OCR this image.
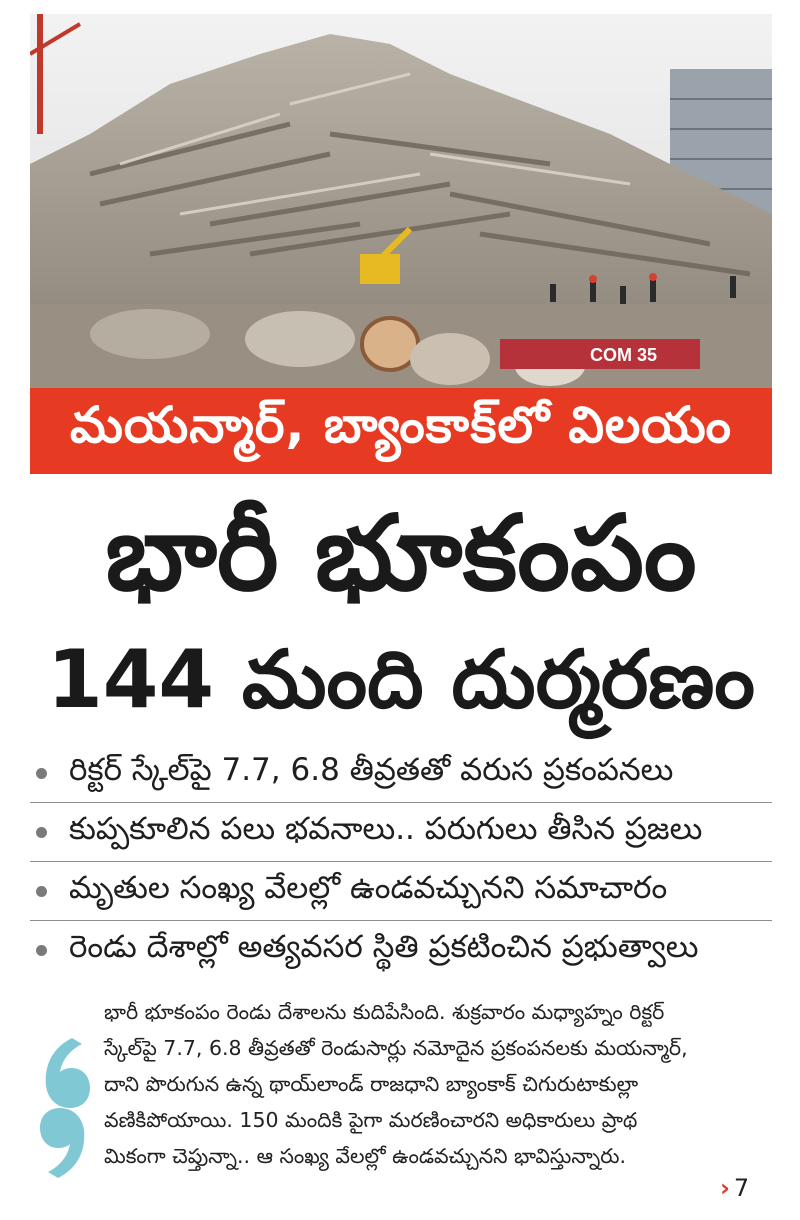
COM 35
మయన్మార్, బ్యాంకాక్‌లో విలయం
భారీ భూకంపం
144 మంది దుర్మరణం
రిక్టర్ స్కేల్‌పై 7.7, 6.8 తీవ్రతతో వరుస ప్రకంపనలు
కుప్పకూలిన పలు భవనాలు.. పరుగులు తీసిన ప్రజలు
మృతుల సంఖ్య వేలల్లో ఉండవచ్చునని సమాచారం
రెండు దేశాల్లో అత్యవసర స్థితి ప్రకటించిన ప్రభుత్వాలు
భారీ భూకంపం రెండు దేశాలను కుదిపేసింది. శుక్రవారం మధ్యాహ్నం రిక్టర్
స్కేల్‌పై 7.7, 6.8 తీవ్రతతో రెండుసార్లు నమోదైన ప్రకంపనలకు మయన్మార్,
దాని పొరుగున ఉన్న థాయ్‌లాండ్ రాజధాని బ్యాంకాక్ చిగురుటాకుల్లా
వణికిపోయాయి. 150 మందికి పైగా మరణించారని అధికారులు ప్రాథ
మికంగా చెప్తున్నా.. ఆ సంఖ్య వేలల్లో ఉండవచ్చునని భావిస్తున్నారు.
› 7
